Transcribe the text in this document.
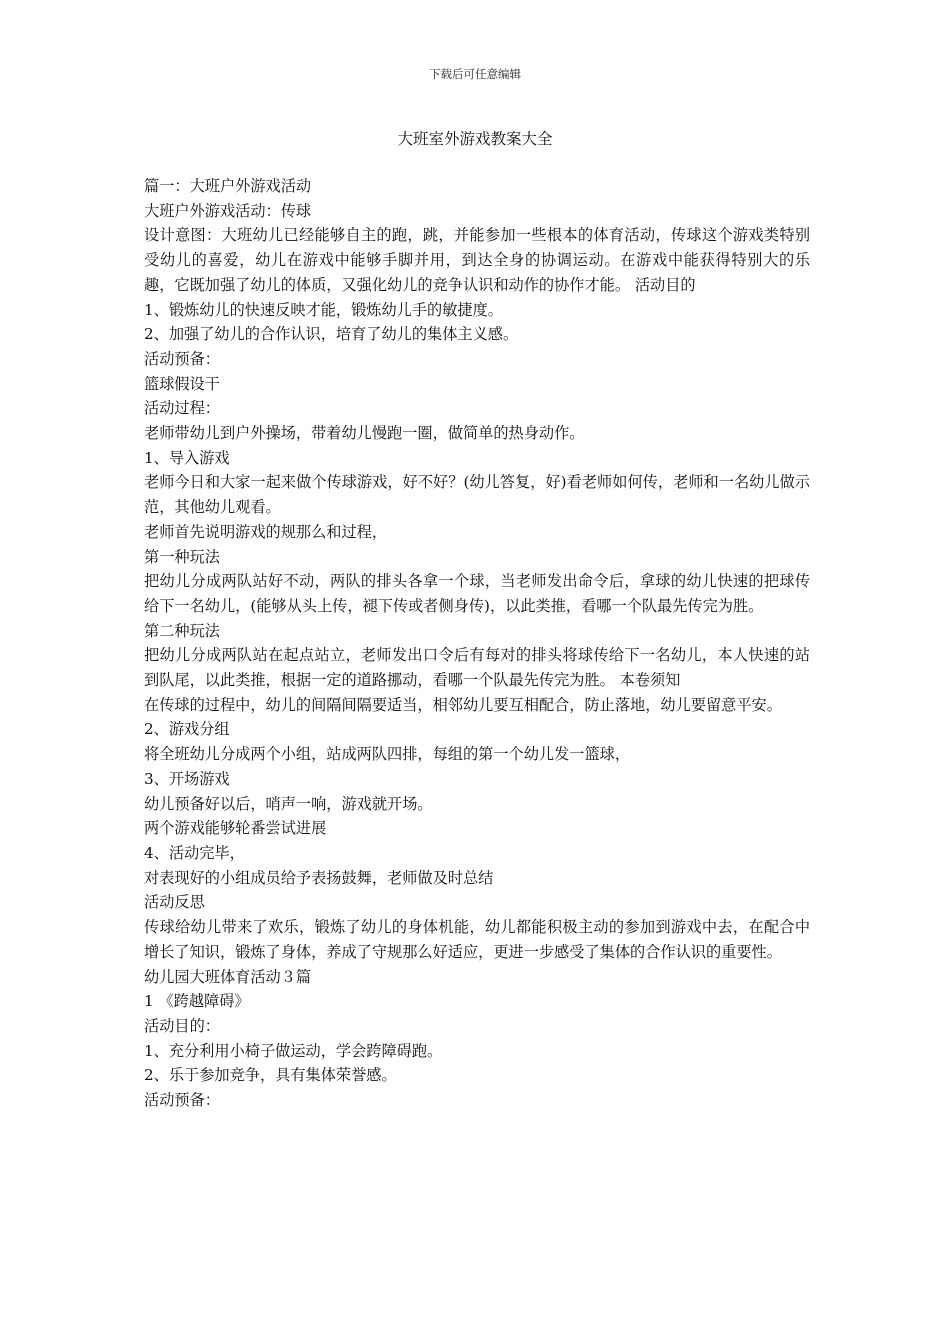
下载后可任意编辑
大班室外游戏教案大全

篇一：大班户外游戏活动

大班户外游戏活动：传球

设计意图：大班幼儿已经能够自主的跑，跳，并能参加一些根本的体育活动，传球这个游戏类特别受幼儿的喜爱，幼儿在游戏中能够手脚并用，到达全身的协调运动。在游戏中能获得特别大的乐趣，它既加强了幼儿的体质，又强化幼儿的竞争认识和动作的协作才能。 活动目的

1、锻炼幼儿的快速反映才能，锻炼幼儿手的敏捷度。

2、加强了幼儿的合作认识，培育了幼儿的集体主义感。

活动预备：

篮球假设干

活动过程：

老师带幼儿到户外操场，带着幼儿慢跑一圈，做简单的热身动作。

1、导入游戏

老师今日和大家一起来做个传球游戏，好不好？(幼儿答复，好)看老师如何传，老师和一名幼儿做示范，其他幼儿观看。

老师首先说明游戏的规那么和过程，

第一种玩法

把幼儿分成两队站好不动，两队的排头各拿一个球，当老师发出命令后，拿球的幼儿快速的把球传给下一名幼儿，(能够从头上传，褪下传或者侧身传)，以此类推，看哪一个队最先传完为胜。

第二种玩法

把幼儿分成两队站在起点站立，老师发出口令后有每对的排头将球传给下一名幼儿，本人快速的站到队尾，以此类推，根据一定的道路挪动，看哪一个队最先传完为胜。 本卷须知

在传球的过程中，幼儿的间隔间隔要适当，相邻幼儿要互相配合，防止落地，幼儿要留意平安。

2、游戏分组

将全班幼儿分成两个小组，站成两队四排，每组的第一个幼儿发一篮球，

3、开场游戏

幼儿预备好以后，哨声一响，游戏就开场。

两个游戏能够轮番尝试进展

4、活动完毕，

对表现好的小组成员给予表扬鼓舞，老师做及时总结

活动反思

传球给幼儿带来了欢乐，锻炼了幼儿的身体机能，幼儿都能积极主动的参加到游戏中去，在配合中增长了知识，锻炼了身体，养成了守规那么好适应，更进一步感受了集体的合作认识的重要性。

幼儿园大班体育活动３篇

1 《跨越障碍》

活动目的：

1、充分利用小椅子做运动，学会跨障碍跑。

2、乐于参加竞争，具有集体荣誉感。

活动预备：
